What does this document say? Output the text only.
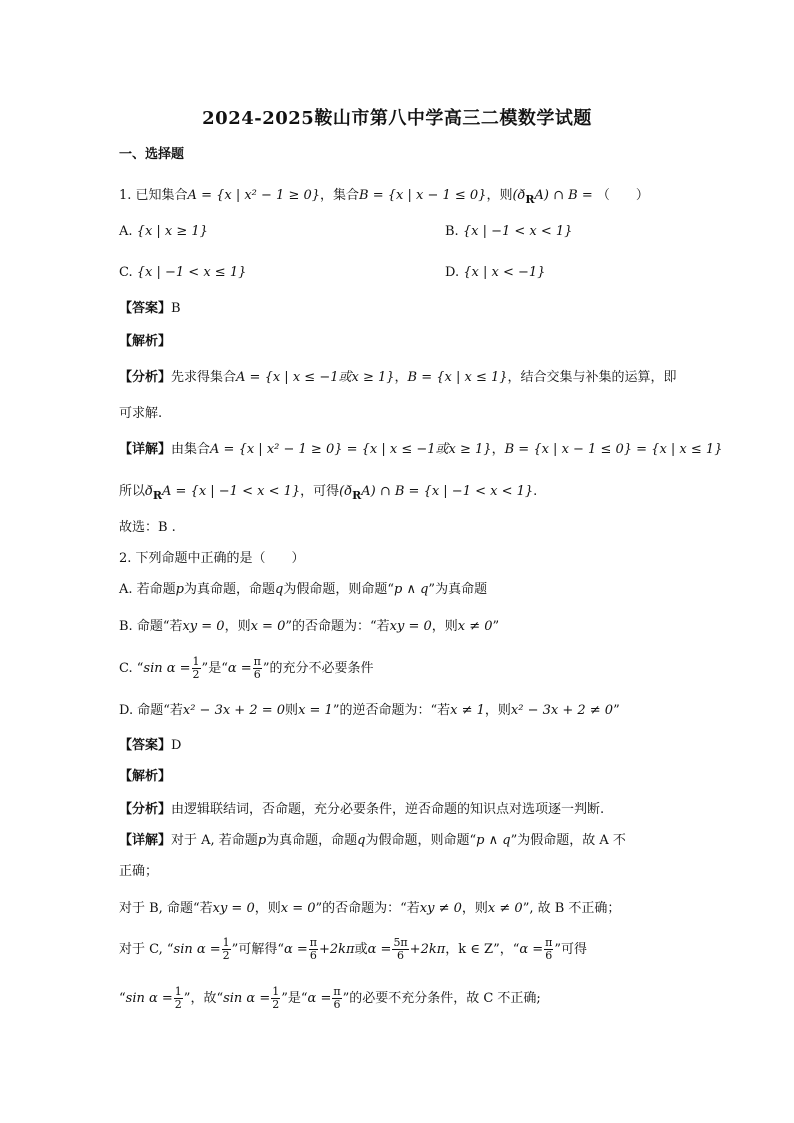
2024-2025鞍山市第八中学高三二模数学试题
一、选择题
1. 已知集合A = {x | x² − 1 ≥ 0}，集合B = {x | x − 1 ≤ 0}，则$(ð_RA)$ ∩ B = （　　）
A. {x | x ≥ 1}	B. {x | −1 < x < 1}
C. {x | −1 < x ≤ 1}	D. {x | x < −1}
【答案】B
【解析】
【分析】先求得集合A = {x | x ≤ −1或x ≥ 1}，B = {x | x ≤ 1}，结合交集与补集的运算，即
可求解.
【详解】由集合A = {x | x² − 1 ≥ 0} = {x | x ≤ −1或x ≥ 1}，B = {x | x − 1 ≤ 0} = {x | x ≤ 1}
所以$ð_RA = \{x$ | −1 < x < 1}，可得$(ð_RA)$ ∩ B = {x | −1 < x < 1}.
故选：B .
2. 下列命题中正确的是（　　）
A. 若命题p为真命题，命题q为假命题，则命题“p ∧ q”为真命题
B. 命题“若xy = 0，则x = 0”的否命题为：“若xy = 0，则x ≠ 0”
C. “sin $\alpha = \frac{1}{2}$ ”是“$\alpha = \frac{\pi}{6}$ ”的充分不必要条件
D. 命题“若x² − 3x + 2 = 0则x = 1”的逆否命题为：“若x ≠ 1，则x² − 3x + 2 ≠ 0”
【答案】D
【解析】
【分析】由逻辑联结词，否命题，充分必要条件，逆否命题的知识点对选项逐一判断.
【详解】对于 A, 若命题p为真命题，命题q为假命题，则命题“p ∧ q”为假命题，故 A 不
正确；
对于 B, 命题“若xy = 0，则x = 0”的否命题为：“若xy ≠ 0，则x ≠ 0”, 故 B 不正确；
对于 C, “sin $\alpha = \frac{1}{2}$ ”可解得“$\alpha = \frac{\pi}{6} +2k\pi$或$\alpha = \frac{5\pi}{6} +2k\pi$，k ∈ Z”，“$\alpha = \frac{\pi}{6}$ ”可得
“sin $\alpha = \frac{1}{2}$ ”，故“sin $\alpha = \frac{1}{2}$ ”是“$\alpha = \frac{\pi}{6}$ ”的必要不充分条件，故 C 不正确;
